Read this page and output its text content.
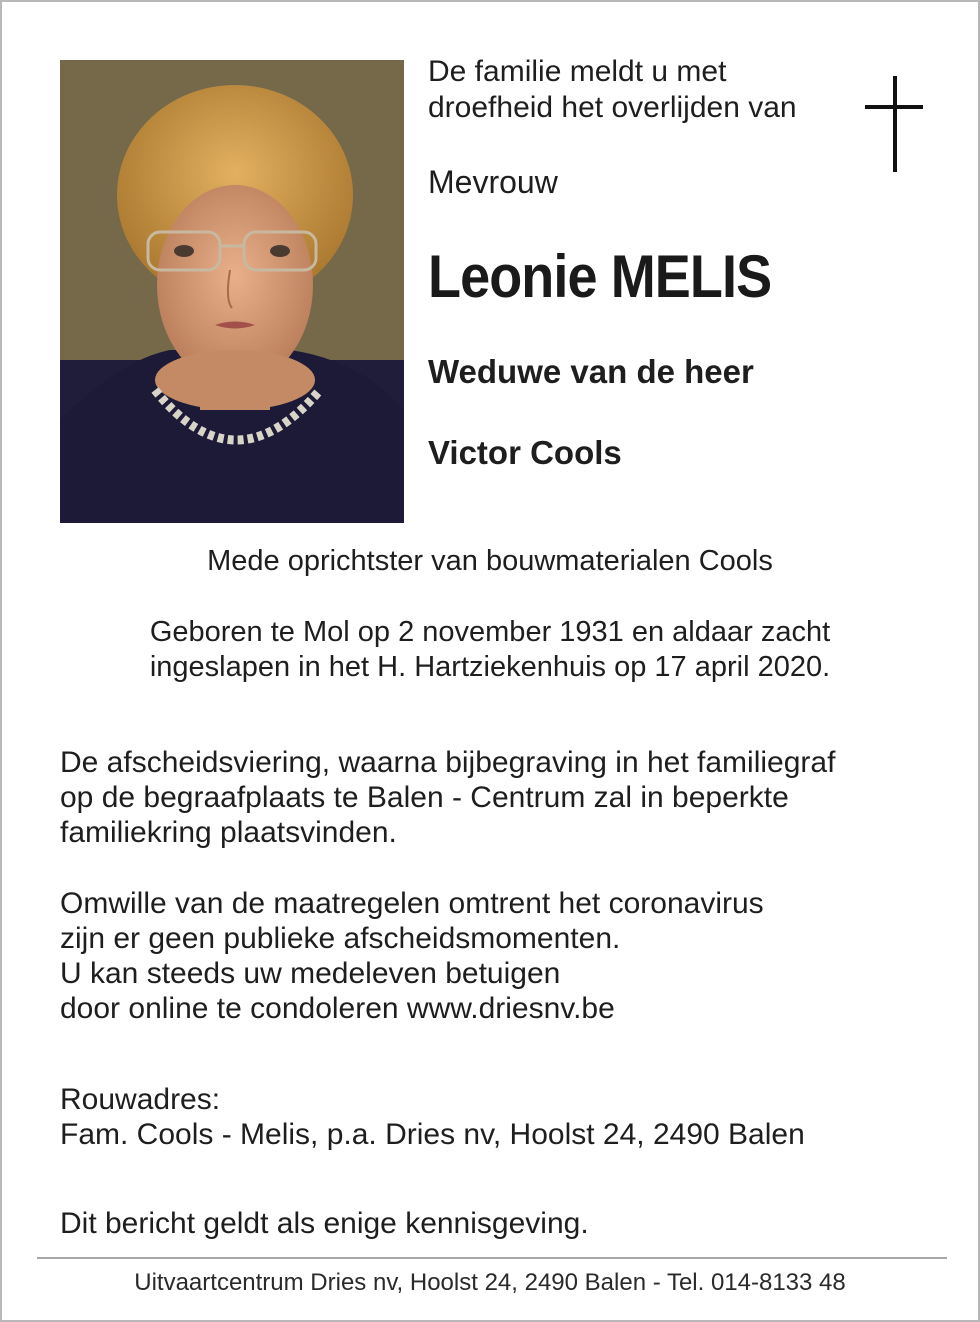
De familie meldt u met
droefheid het overlijden van
Mevrouw
Leonie MELIS
Weduwe van de heer
Victor Cools
Mede oprichtster van bouwmaterialen Cools
Geboren te Mol op 2 november 1931 en aldaar zacht
ingeslapen in het H. Hartziekenhuis op 17 april 2020.
De afscheidsviering, waarna bijbegraving in het familiegraf
op de begraafplaats te Balen - Centrum zal in beperkte
familiekring plaatsvinden.
Omwille van de maatregelen omtrent het coronavirus
zijn er geen publieke afscheidsmomenten.
U kan steeds uw medeleven betuigen
door online te condoleren www.driesnv.be
Rouwadres:
Fam. Cools - Melis, p.a. Dries nv, Hoolst 24, 2490 Balen
Dit bericht geldt als enige kennisgeving.
Uitvaartcentrum Dries nv, Hoolst 24, 2490 Balen - Tel. 014-8133 48
